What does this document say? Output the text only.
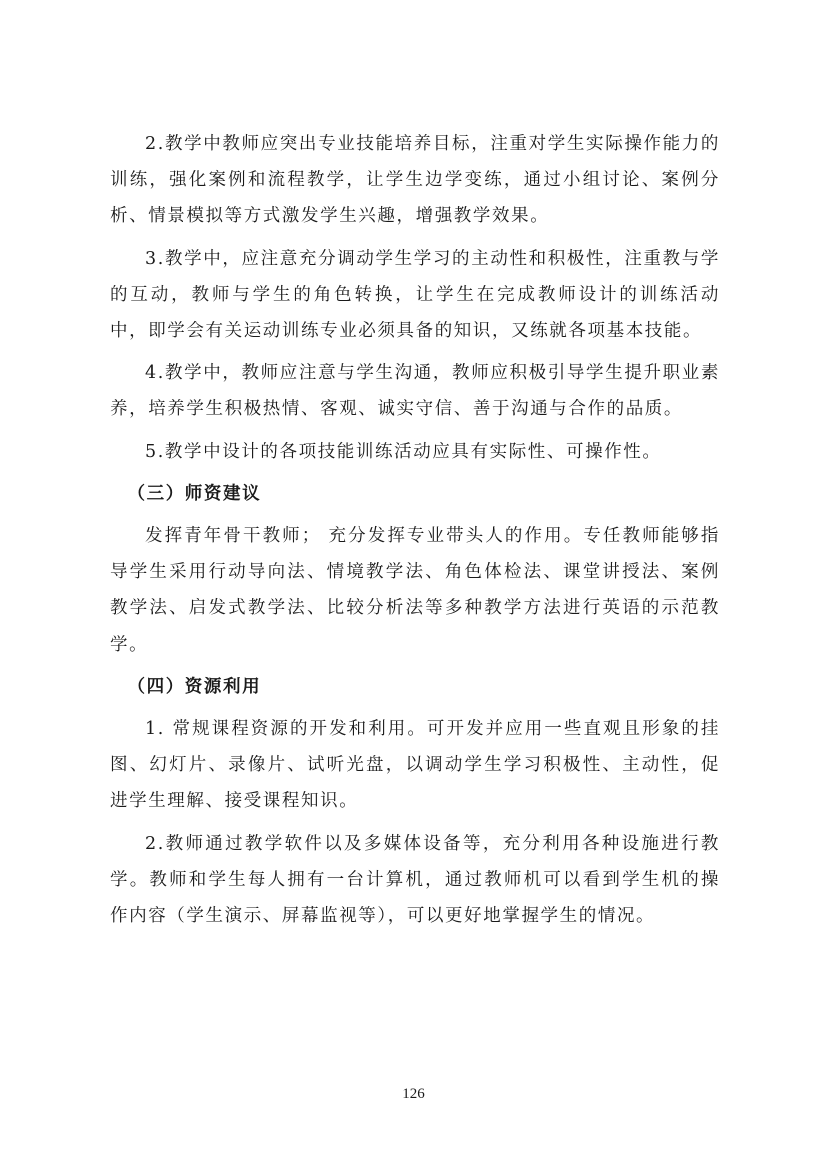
2.教学中教师应突出专业技能培养目标，注重对学生实际操作能力的训练，强化案例和流程教学，让学生边学变练，通过小组讨论、案例分析、情景模拟等方式激发学生兴趣，增强教学效果。

3.教学中，应注意充分调动学生学习的主动性和积极性，注重教与学的互动，教师与学生的角色转换，让学生在完成教师设计的训练活动中，即学会有关运动训练专业必须具备的知识，又练就各项基本技能。

4.教学中，教师应注意与学生沟通，教师应积极引导学生提升职业素养，培养学生积极热情、客观、诚实守信、善于沟通与合作的品质。

5.教学中设计的各项技能训练活动应具有实际性、可操作性。

（三）师资建议

发挥青年骨干教师； 充分发挥专业带头人的作用。专任教师能够指导学生采用行动导向法、情境教学法、角色体检法、课堂讲授法、案例教学法、启发式教学法、比较分析法等多种教学方法进行英语的示范教学。

（四）资源利用

1. 常规课程资源的开发和利用。可开发并应用一些直观且形象的挂图、幻灯片、录像片、试听光盘，以调动学生学习积极性、主动性，促进学生理解、接受课程知识。

2.教师通过教学软件以及多媒体设备等，充分利用各种设施进行教学。教师和学生每人拥有一台计算机，通过教师机可以看到学生机的操作内容（学生演示、屏幕监视等），可以更好地掌握学生的情况。

126
